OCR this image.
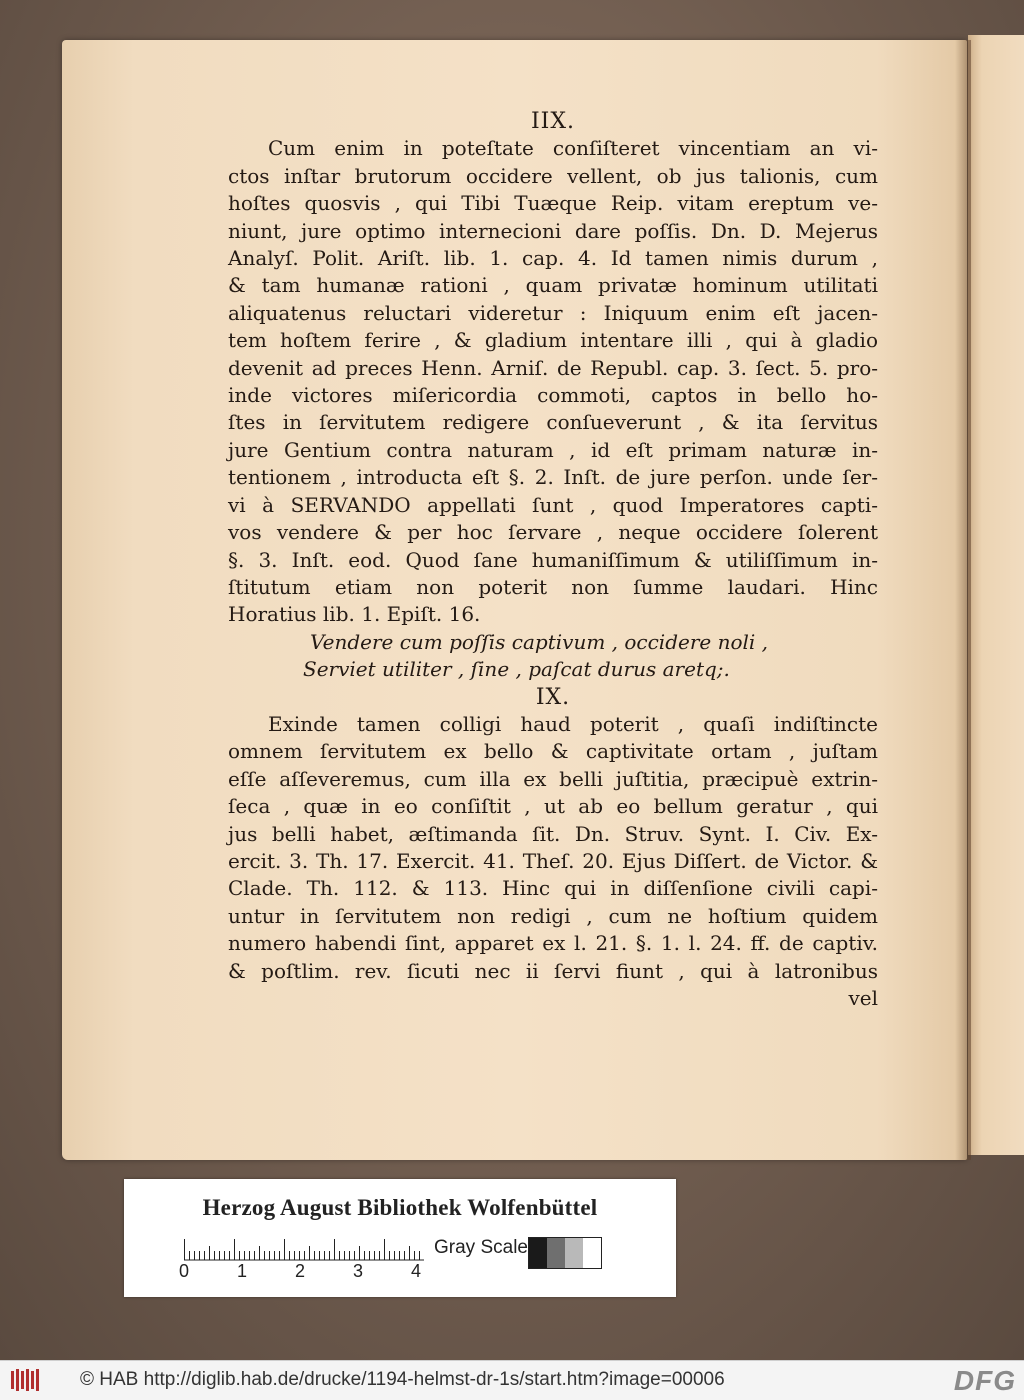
IIX.
Cum enim in poteſtate conſiſteret vincentiam an vi-
ctos inſtar brutorum occidere vellent, ob jus talionis, cum
hoſtes quosvis , qui Tibi Tuæque Reip. vitam ereptum ve-
niunt, jure optimo internecioni dare poſſis. Dn. D. Mejerus
Analyſ. Polit. Ariſt. lib. 1. cap. 4. Id tamen nimis durum ,
& tam humanæ rationi , quam privatæ hominum utilitati
aliquatenus reluctari videretur : Iniquum enim eſt jacen-
tem hoſtem ferire , & gladium intentare illi , qui à gladio
devenit ad preces Henn. Arniſ. de Republ. cap. 3. ſect. 5. pro-
inde victores miſericordia commoti, captos in bello ho-
ſtes in ſervitutem redigere conſueverunt , & ita ſervitus
jure Gentium contra naturam , id eſt primam naturæ in-
tentionem , introducta eſt §. 2. Inſt. de jure perſon. unde ſer-
vi à SERVANDO appellati ſunt , quod Imperatores capti-
vos vendere & per hoc ſervare , neque occidere ſolerent
§. 3. Inſt. eod. Quod ſane humaniſſimum & utiliſſimum in-
ſtitutum etiam non poterit non ſumme laudari. Hinc
Horatius lib. 1. Epiſt. 16.
Vendere cum poſſis captivum , occidere noli ,
Serviet utiliter , ſine , paſcat durus aretq;.
IX.
Exinde tamen colligi haud poterit , quaſi indiſtincte
omnem ſervitutem ex bello & captivitate ortam , juſtam
eſſe aſſeveremus, cum illa ex belli juſtitia, præcipuè extrin-
ſeca , quæ in eo conſiſtit , ut ab eo bellum geratur , qui
jus belli habet, æſtimanda ſit. Dn. Struv. Synt. I. Civ. Ex-
ercit. 3. Th. 17. Exercit. 41. Theſ. 20. Ejus Diſſert. de Victor. &
Clade. Th. 112. & 113. Hinc qui in diſſenſione civili capi-
untur in ſervitutem non redigi , cum ne hoſtium quidem
numero habendi ſint, apparet ex l. 21. §. 1. l. 24. ff. de captiv.
& poſtlim. rev. ſicuti nec ii ſervi fiunt , qui à latronibus
vel
Herzog August Bibliothek Wolfenbüttel
0	1	2	3	4
Gray Scale
© HAB http://diglib.hab.de/drucke/1194-helmst-dr-1s/start.htm?image=00006	DFG
